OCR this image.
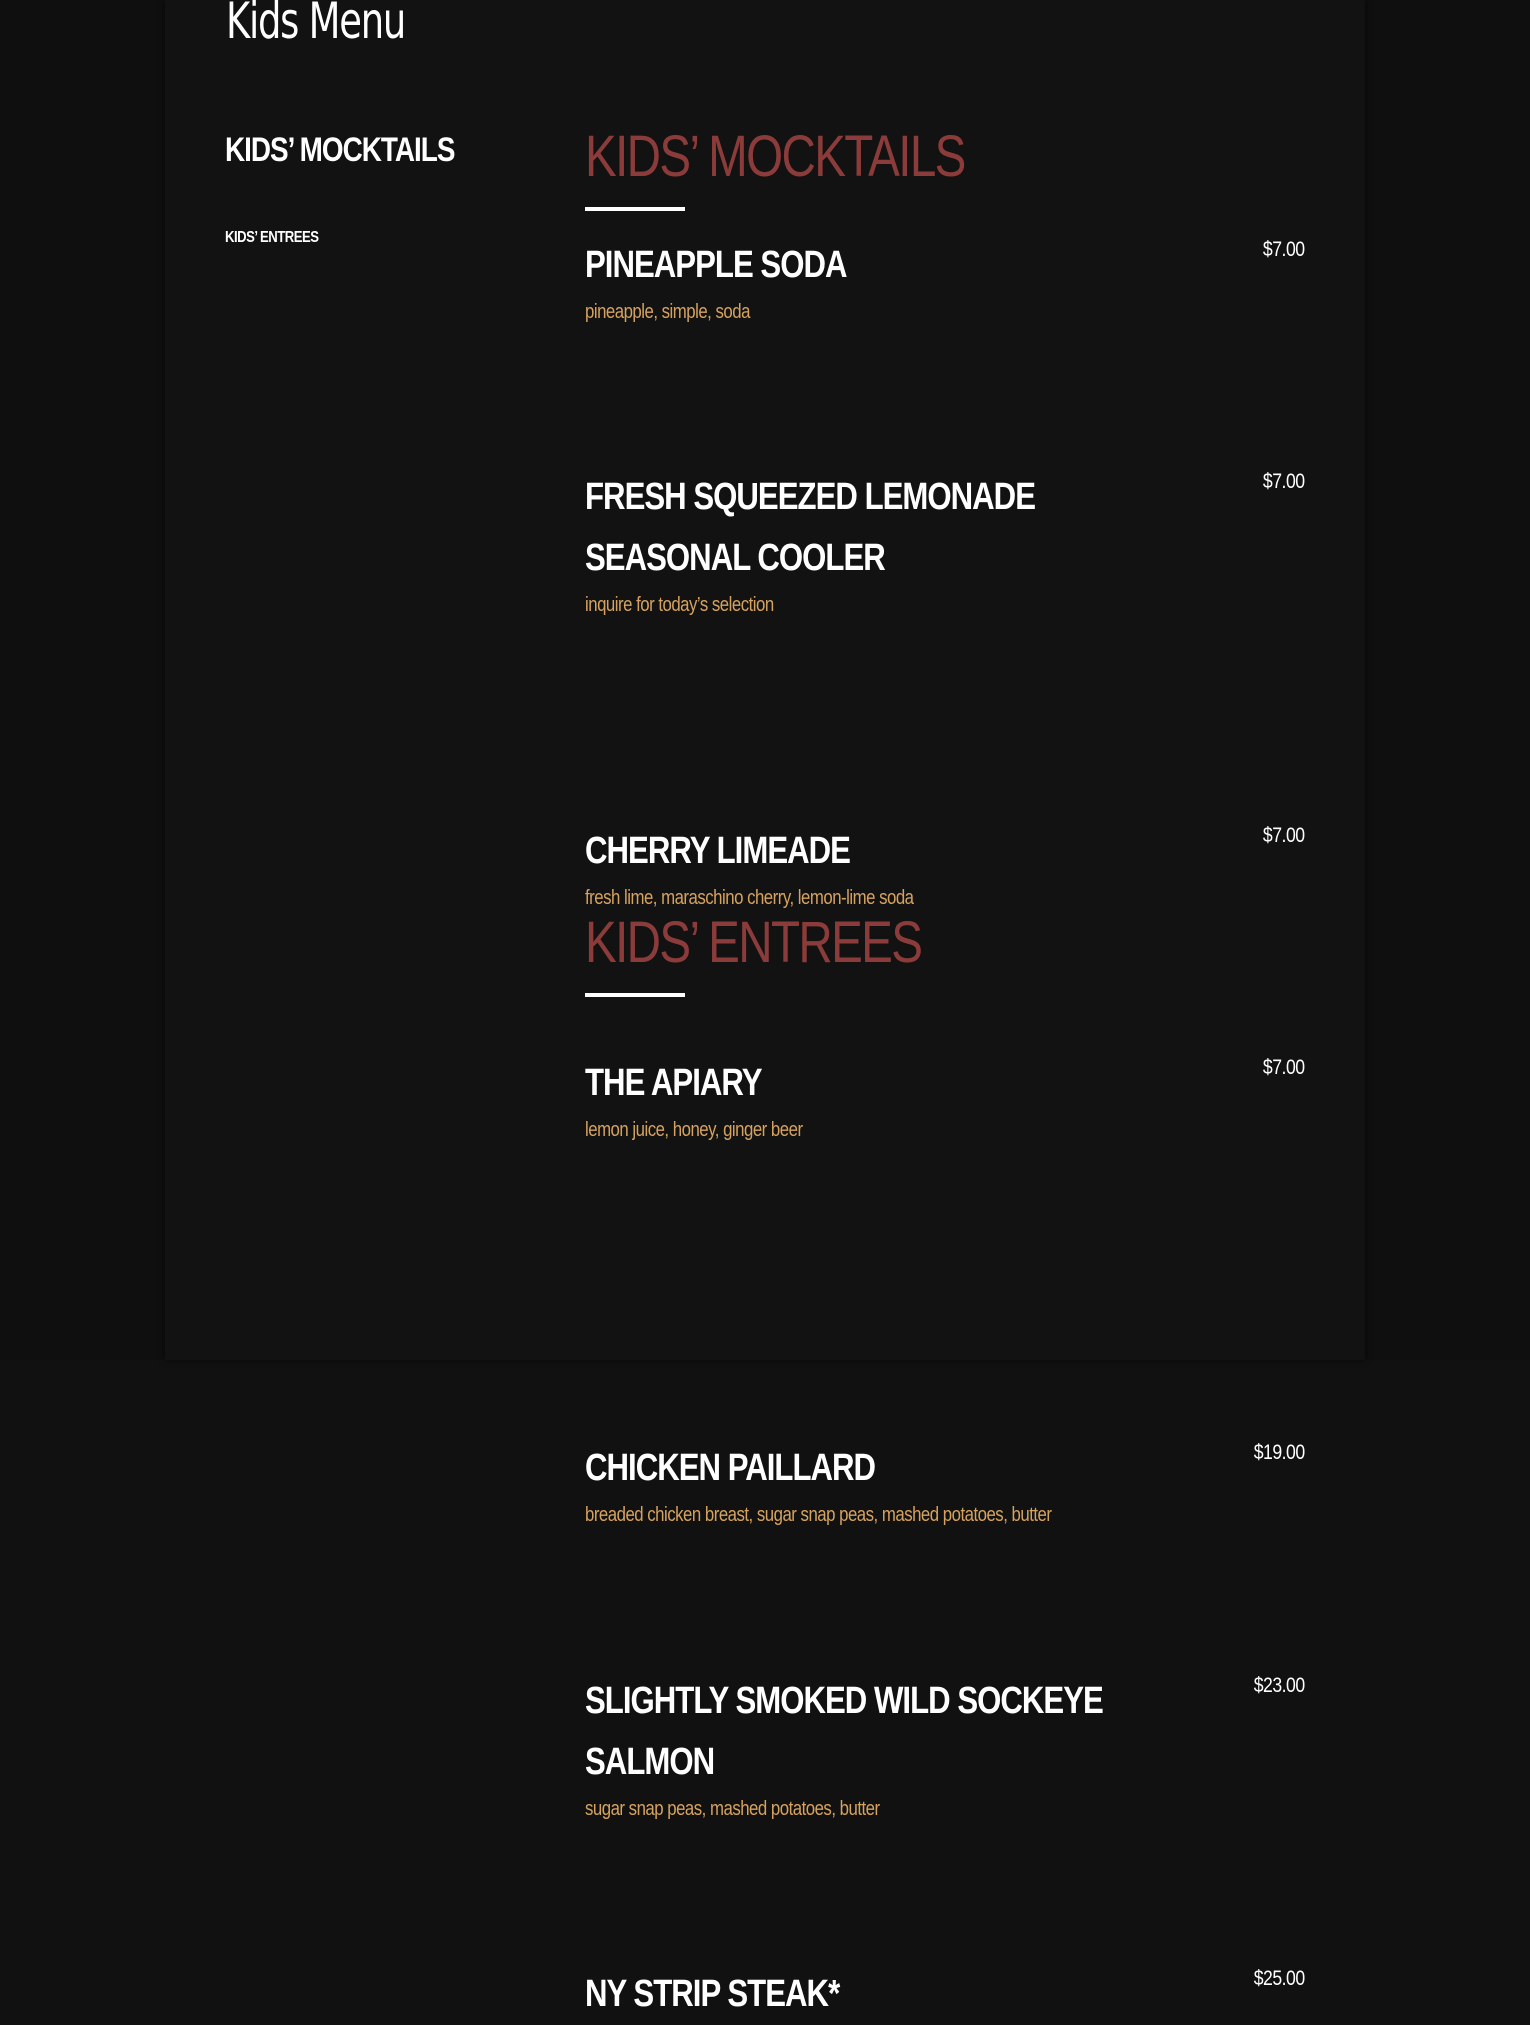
Kids Menu
KIDS’ MOCKTAILS
KIDS’ ENTREES
KIDS’ MOCKTAILS
PINEAPPLE SODA
pineapple, simple, soda
$7.00
FRESH SQUEEZED LEMONADE SEASONAL COOLER
inquire for today’s selection
$7.00
CHERRY LIMEADE
fresh lime, maraschino cherry, lemon-lime soda
$7.00
THE APIARY
lemon juice, honey, ginger beer
$7.00
KIDS’ ENTREES
CHICKEN PAILLARD
breaded chicken breast, sugar snap peas, mashed potatoes, butter
$19.00
SLIGHTLY SMOKED WILD SOCKEYE SALMON
sugar snap peas, mashed potatoes, butter
$23.00
NY STRIP STEAK*	$25.00
